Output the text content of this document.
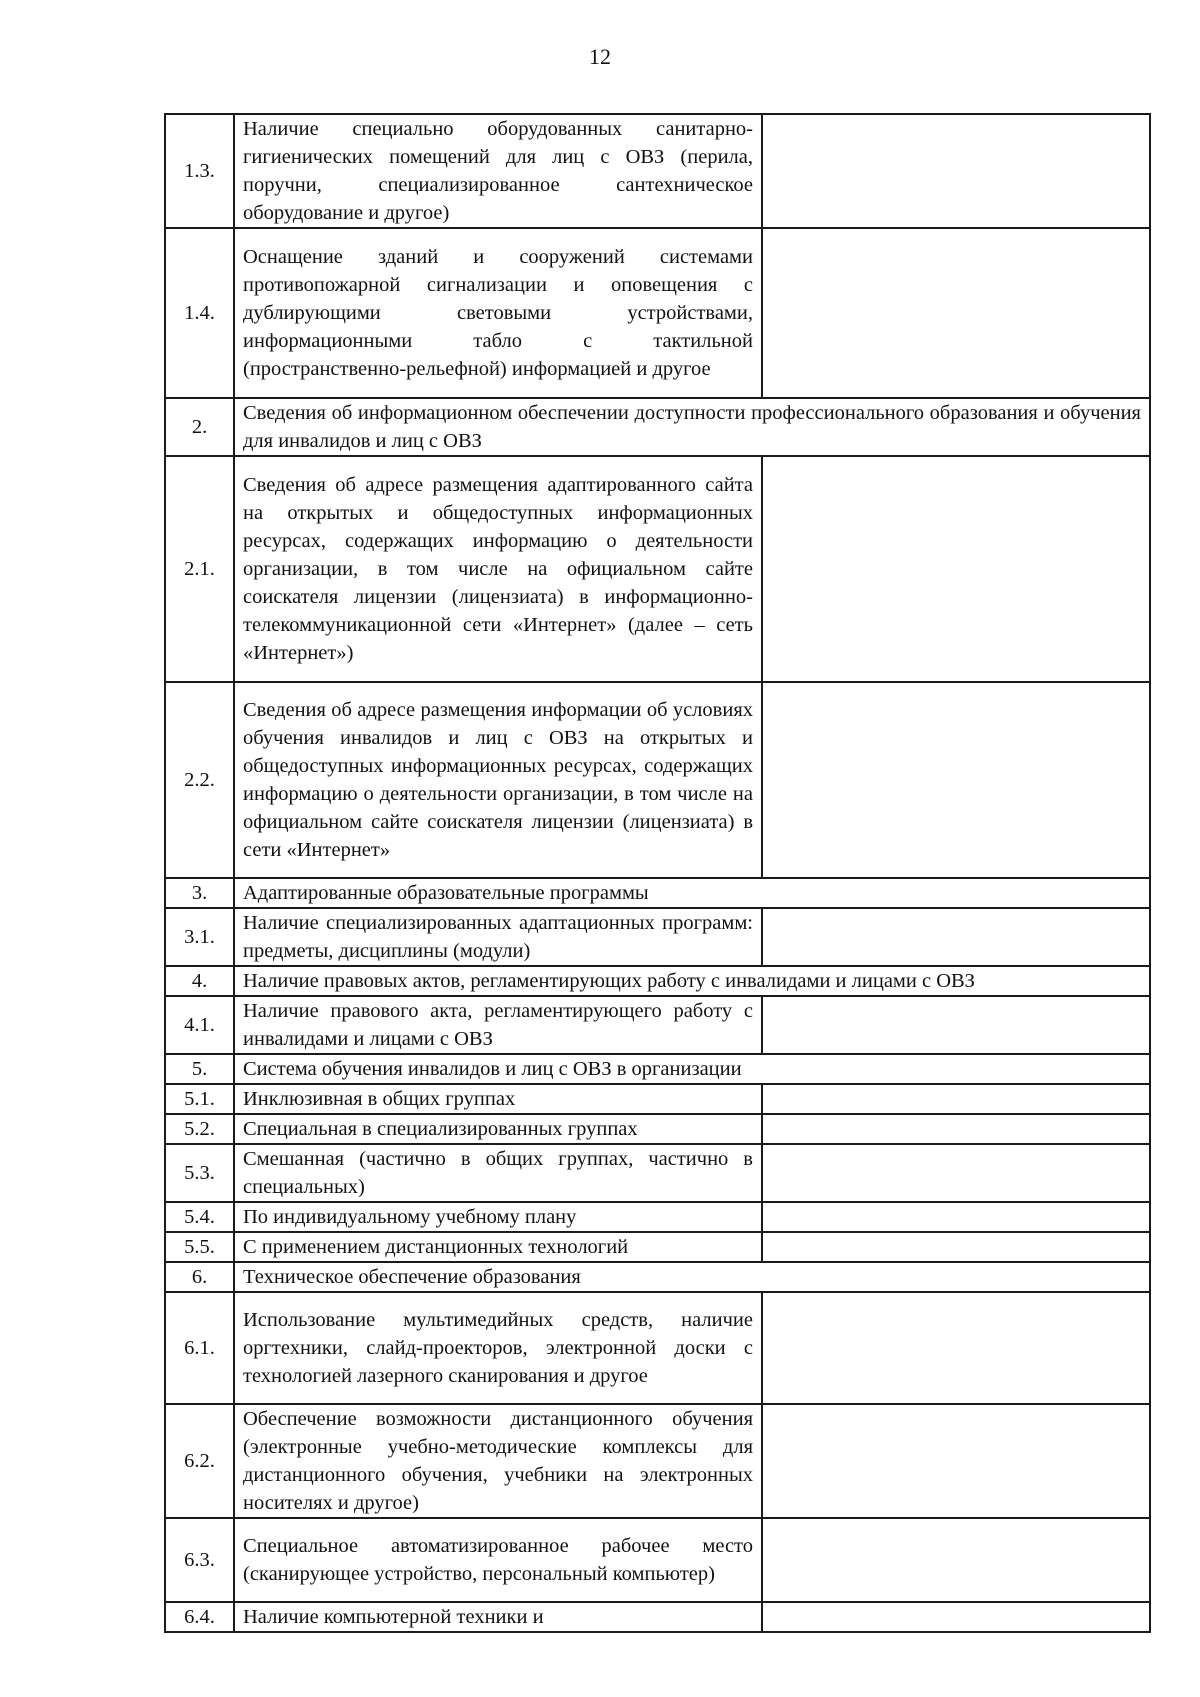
12
1.3.	Наличие специально оборудованных санитарно-гигиенических помещений для лиц с ОВЗ (перила, поручни, специализированное сантехническое оборудование и другое)	
1.4.	Оснащение зданий и сооружений системами противопожарной сигнализации и оповещения с дублирующими световыми устройствами, информационными табло с тактильной (пространственно-рельефной) информацией и другое	
2.	Сведения об информационном обеспечении доступности профессионального образования и обучения для инвалидов и лиц с ОВЗ	
2.1.	Сведения об адресе размещения адаптированного сайта на открытых и общедоступных информационных ресурсах, содержащих информацию о деятельности организации, в том числе на официальном сайте соискателя лицензии (лицензиата) в информационно-телекоммуникационной сети «Интернет» (далее – сеть «Интернет»)	
2.2.	Сведения об адресе размещения информации об условиях обучения инвалидов и лиц с ОВЗ на открытых и общедоступных информационных ресурсах, содержащих информацию о деятельности организации, в том числе на официальном сайте соискателя лицензии (лицензиата) в сети «Интернет»	
3.	Адаптированные образовательные программы	
3.1.	Наличие специализированных адаптационных программ: предметы, дисциплины (модули)	
4.	Наличие правовых актов, регламентирующих работу с инвалидами и лицами с ОВЗ	
4.1.	Наличие правового акта, регламентирующего работу с инвалидами и лицами с ОВЗ	
5.	Система обучения инвалидов и лиц с ОВЗ в организации	
5.1.	Инклюзивная в общих группах	
5.2.	Специальная в специализированных группах	
5.3.	Смешанная (частично в общих группах, частично в специальных)	
5.4.	По индивидуальному учебному плану	
5.5.	С применением дистанционных технологий	
6.	Техническое обеспечение образования	
6.1.	Использование мультимедийных средств, наличие оргтехники, слайд-проекторов, электронной доски с технологией лазерного сканирования и другое	
6.2.	Обеспечение возможности дистанционного обучения (электронные учебно-методические комплексы для дистанционного обучения, учебники на электронных носителях и другое)	
6.3.	Специальное автоматизированное рабочее место (сканирующее устройство, персональный компьютер)	
6.4.	Наличие компьютерной техники и	
